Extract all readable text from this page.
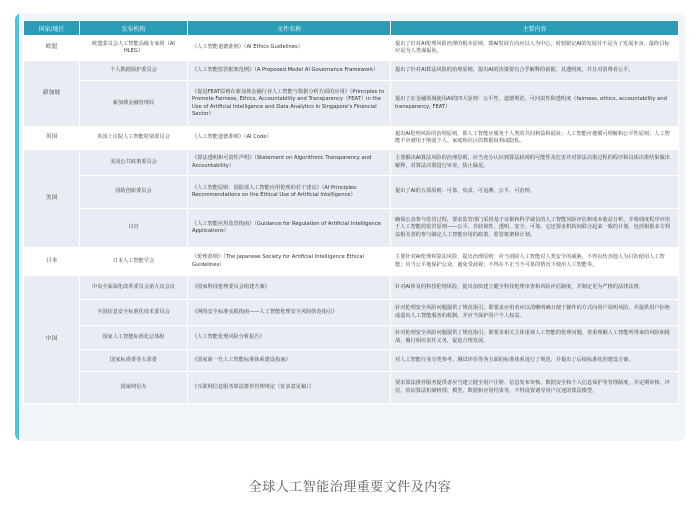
国家/地区	发布机构	文件名称	主要内容
欧盟	欧盟委员会人工智能高级专家组（AI HLEG）	《人工智能道德准则》（AI Ethics Guidelines）	提出了针对AI伦理风险治理的根本原则，即AI发展方向应以人为中心，时刻铭记AI的发展并不是为了发展本身，最终目标应是为人类谋福祉。
新加坡	个人数据保护委员会	《人工智能监管框架范例》（A Proposed Model AI Governance Framework）	提出了针对AI算法风险的治理原则，提出AI的決策要有合乎解释的依据，具透明度，并且对消费者公平。
	新加坡金融管理局	《促进FEAT原则在新加坡金融行业人工智能与数据分析方面的应用》（Principles to Promote Fairness, Ethics, Accountability and Transparency（FEAT）in the Use of Artificial Intelligence and Data Analytics in Singapore’s Financial Sector）	提出了在金融领域使用AI的四大原则：公平性、道德规范、可问责性和透明度（fairness, ethics, accountability and transparency, FEAT）
英国	英国上议院人工智能特别委员会	《人工智能道德准则》（AI Code）	提出AI伦理风险的治理原则，即人工智能应服务于人类的共同利益和福祉；人工智能应遵循可理解和公平性原则；人工智能不应被用于削弱个人、家庭和社区的数据权利或隐私。
美国	美国公共政策委员会	《算法透明和可责性声明》（Statement on Algorithmic Transparency and Accountability）	主要解决AI算法风险的治理原则，应当充分认识到算法歧视的可能性及危害并对算法决策过程的程序和具体决策结果做出解释，对算法决策进行审查，防止偏见。
	国防创新委员会	《人工智能原则：国防部人工智能应用伦理的若干建议》（AI Principles: Recommendations on the Ethical Use of Artificial Intelligence）	提出了AI的五项原则：可靠、负责、可追溯、公平、可治理。
	白宫	《人工智能应用监管指南》（Guidance for Regulation of Artificial Intelligence Applications）	确保公众参与监管过程，要求监管部门采用基于证据和科学诚信的人工智能风险评估和成本收益分析，并将调度程序应用于人工智能的监管原则——公平、非歧视性、透明、安全、可靠。它还要求机构间联合起来一致的计划。包括根据多方利益相关者的参与制定人工智能应用的政策、监管框架和计划。
日本	日本人工智能学会	《伦理准则》（The Japanese Society for Artificial Intelligence Ethical Guidelines）	主要针对AI伦理和算法风险，提出治理原则：应当消除人工智能对人类安全的威胁，不得以伤害他人为目的使用人工智能；应当公平地保护公众，避免受歧视；不得在不正当不可靠的情况下使用人工智能等。
中国	中央全面深化改革委员会第九次会议	《国家科技伦理委员会组建方案》	针对AI涉及的科技伦理风险，提出加快建立健全科技伦理审查和风险评估制度，并制定更为严格的法律法规。
	全国信息安全标准化技术委员会	《网络安全标准实践指南——人工智能伦理安全风险防范指引》	针对伦理安全风险问题提供了规范指引，即要求应用者应以清晰明确且便于操作的方式向用户说明风险，并提供用户拒绝或退出人工智能服务的机制。并应当保护用户个人权益。
	国家人工智能标准化总体组	《人工智能伦理风险分析报告》	针对伦理安全风险问题提供了规范指引，即要求相关主体重视人工智能的伦理问题，着重理解人工智能所带来的风险和挑战，履行相应责任义务，促进合规发展。
	国家标准委等五部委	《国家新一代人工智能标准体系建设指南》	对人工智能行业分类参考、测试评价等各方面的标准体系进行了规范，并提出了后续标准化的建设方案。
	国家网信办	《互联网信息服务算法推荐管理规定（征求意见稿）》	要求算法推荐服务提供者应当建立健全用户注册、信息发布审核、数据安全和个人信息保护等管理制度，并定期审核、评估、验证算法机制机理、模型、数据和应用结果等，不得设置诱导用户沉迷的算法模型。
全球人工智能治理重要文件及内容
